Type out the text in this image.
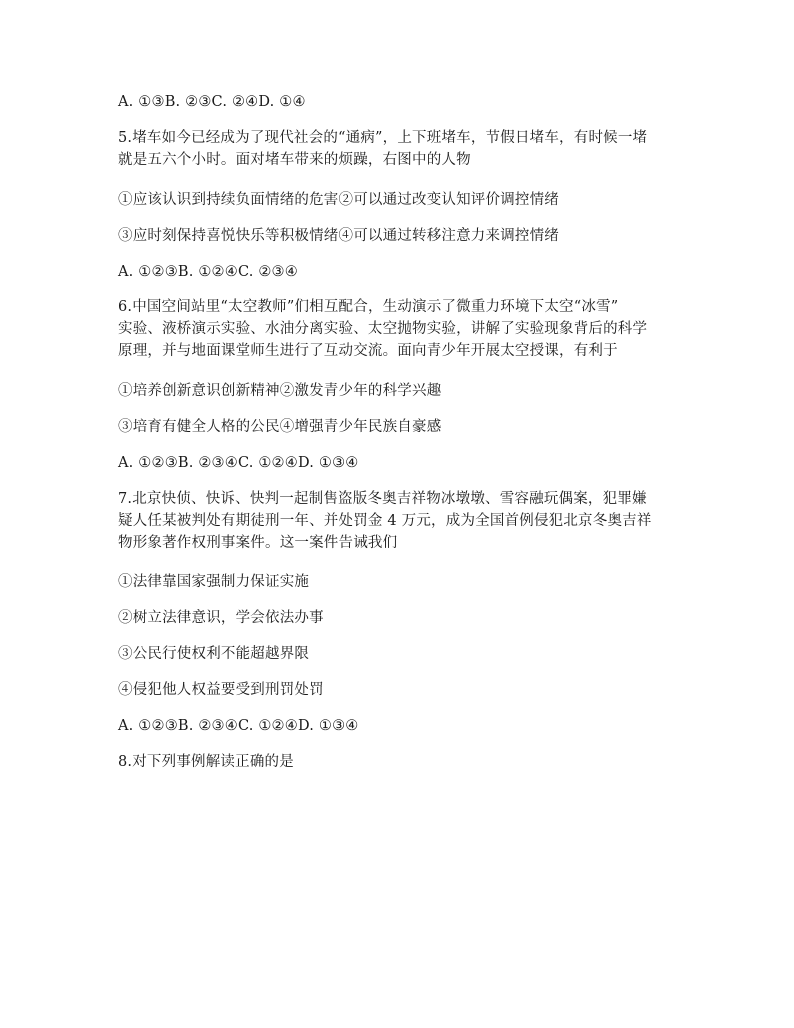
A. ①③B. ②③C. ②④D. ①④
5.堵车如今已经成为了现代社会的“通病”，上下班堵车，节假日堵车，有时候一堵
就是五六个小时。面对堵车带来的烦躁，右图中的人物
①应该认识到持续负面情绪的危害②可以通过改变认知评价调控情绪
③应时刻保持喜悦快乐等积极情绪④可以通过转移注意力来调控情绪
A. ①②③B. ①②④C. ②③④
6.中国空间站里“太空教师”们相互配合，生动演示了微重力环境下太空“冰雪”
实验、液桥演示实验、水油分离实验、太空抛物实验，讲解了实验现象背后的科学
原理，并与地面课堂师生进行了互动交流。面向青少年开展太空授课，有利于
①培养创新意识创新精神②激发青少年的科学兴趣
③培育有健全人格的公民④增强青少年民族自豪感
A. ①②③B. ②③④C. ①②④D. ①③④
7.北京快侦、快诉、快判一起制售盗版冬奥吉祥物冰墩墩、雪容融玩偶案，犯罪嫌
疑人任某被判处有期徒刑一年、并处罚金 4 万元，成为全国首例侵犯北京冬奥吉祥
物形象著作权刑事案件。这一案件告诫我们
①法律靠国家强制力保证实施
②树立法律意识，学会依法办事
③公民行使权利不能超越界限
④侵犯他人权益要受到刑罚处罚
A. ①②③B. ②③④C. ①②④D. ①③④
8.对下列事例解读正确的是
